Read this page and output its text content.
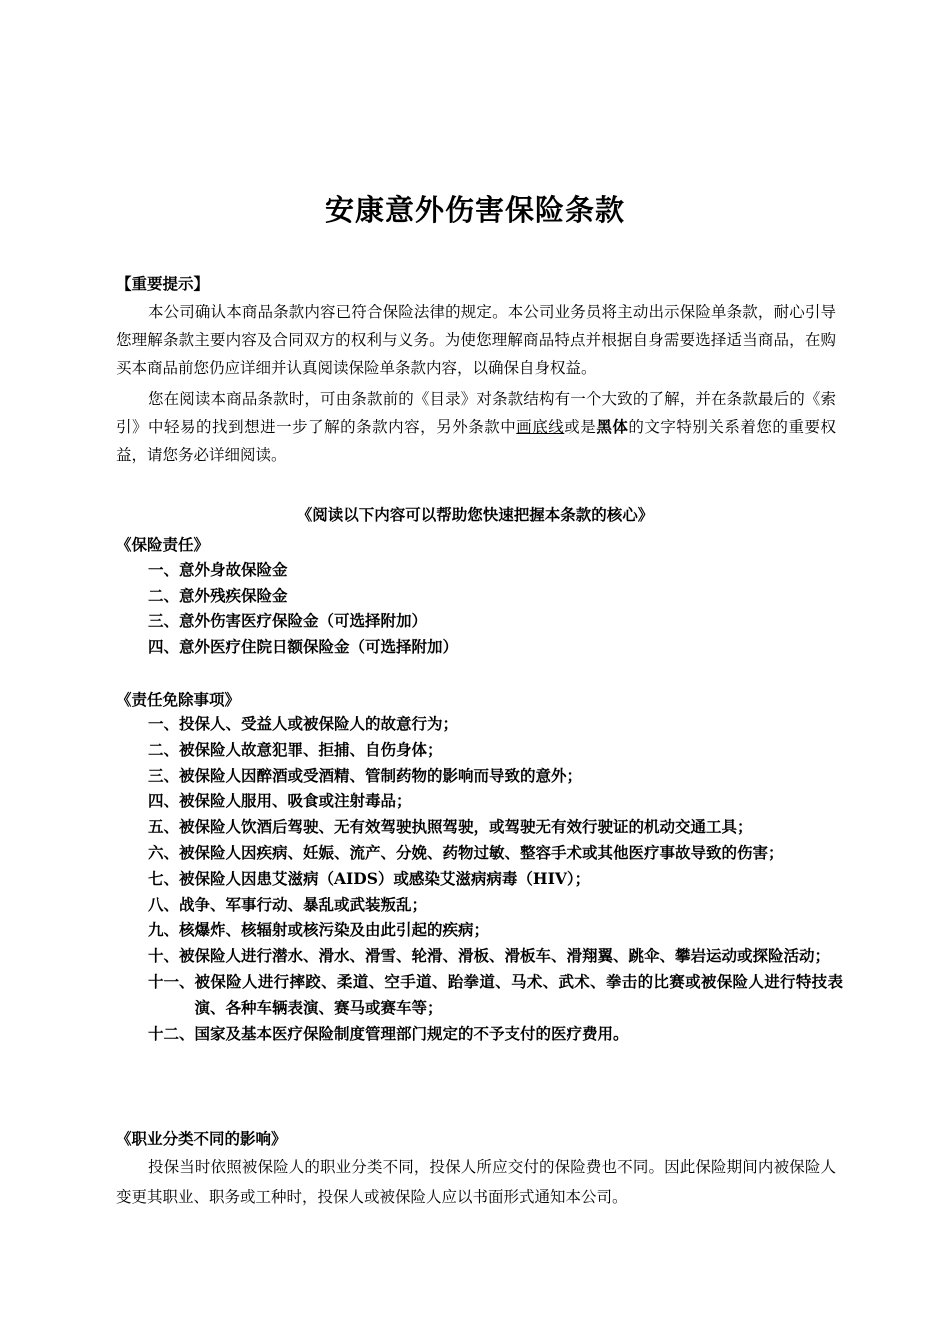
安康意外伤害保险条款
【重要提示】
本公司确认本商品条款内容已符合保险法律的规定。本公司业务员将主动出示保险单条款，耐心引导您理解条款主要内容及合同双方的权利与义务。为使您理解商品特点并根据自身需要选择适当商品，在购买本商品前您仍应详细并认真阅读保险单条款内容，以确保自身权益。
您在阅读本商品条款时，可由条款前的《目录》对条款结构有一个大致的了解，并在条款最后的《索引》中轻易的找到想进一步了解的条款内容，另外条款中画底线或是黑体的文字特别关系着您的重要权益，请您务必详细阅读。
《阅读以下内容可以帮助您快速把握本条款的核心》
《保险责任》
一、意外身故保险金
二、意外残疾保险金
三、意外伤害医疗保险金（可选择附加）
四、意外医疗住院日额保险金（可选择附加）
《责任免除事项》
一、 投保人、受益人或被保险人的故意行为；
二、 被保险人故意犯罪、拒捕、自伤身体；
三、 被保险人因醉酒或受酒精、管制药物的影响而导致的意外；
四、 被保险人服用、吸食或注射毒品；
五、 被保险人饮酒后驾驶、无有效驾驶执照驾驶，或驾驶无有效行驶证的机动交通工具；
六、 被保险人因疾病、妊娠、流产、分娩、药物过敏、整容手术或其他医疗事故导致的伤害；
七、 被保险人因患艾滋病（AIDS）或感染艾滋病病毒（HIV）；
八、 战争、军事行动、暴乱或武装叛乱；
九、 核爆炸、核辐射或核污染及由此引起的疾病；
十、 被保险人进行潜水、滑水、滑雪、轮滑、滑板、滑板车、滑翔翼、跳伞、攀岩运动或探险活动；
十一、 被保险人进行摔跤、柔道、空手道、跆拳道、马术、武术、拳击的比赛或被保险人进行特技表演、各种车辆表演、赛马或赛车等；
十二、 国家及基本医疗保险制度管理部门规定的不予支付的医疗费用。
《职业分类不同的影响》
投保当时依照被保险人的职业分类不同，投保人所应交付的保险费也不同。因此保险期间内被保险人变更其职业、职务或工种时，投保人或被保险人应以书面形式通知本公司。
